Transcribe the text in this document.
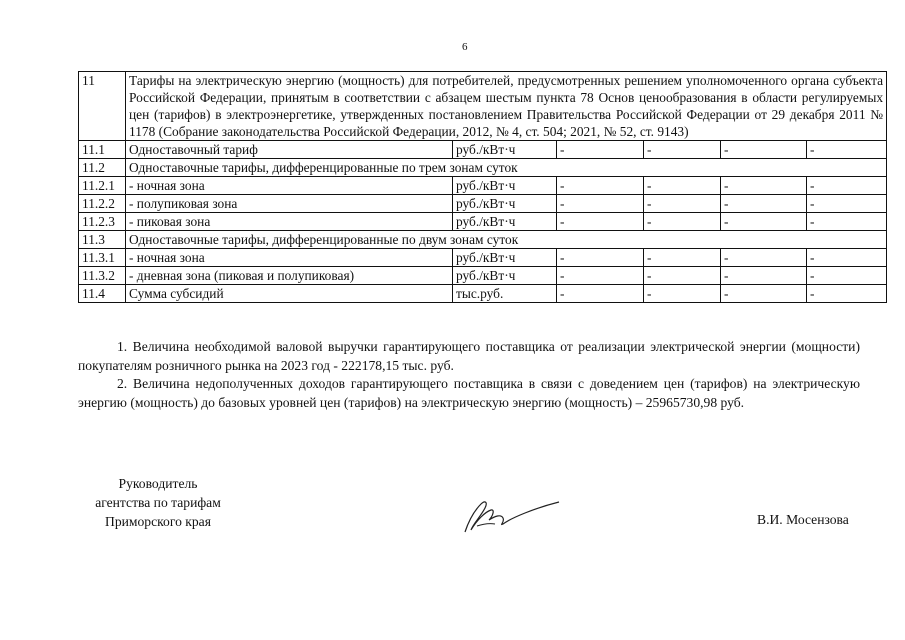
6
11	Тарифы на электрическую энергию (мощность) для потребителей, предусмотренных решением уполномоченного органа субъекта Российской Федерации, принятым в соответствии с абзацем шестым пункта 78 Основ ценообразования в области регулируемых цен (тарифов) в электроэнергетике, утвержденных постановлением Правительства Российской Федерации от 29 декабря 2011 № 1178 (Собрание законодательства Российской Федерации, 2012, № 4, ст. 504; 2021, № 52, ст. 9143)					
11.1	Одноставочный тариф	руб./кВт·ч	-	-	-	-
11.2	Одноставочные тарифы, дифференцированные по трем зонам суток					
11.2.1	- ночная зона	руб./кВт·ч	-	-	-	-
11.2.2	- полупиковая зона	руб./кВт·ч	-	-	-	-
11.2.3	- пиковая зона	руб./кВт·ч	-	-	-	-
11.3	Одноставочные тарифы, дифференцированные по двум зонам суток					
11.3.1	- ночная зона	руб./кВт·ч	-	-	-	-
11.3.2	- дневная зона (пиковая и полупиковая)	руб./кВт·ч	-	-	-	-
11.4	Сумма субсидий	тыс.руб.	-	-	-	-
1. Величина необходимой валовой выручки гарантирующего поставщика от реализации электрической энергии (мощности) покупателям розничного рынка на 2023 год - 222178,15 тыс. руб.
2. Величина недополученных доходов гарантирующего поставщика в связи с доведением цен (тарифов) на электрическую энергию (мощность) до базовых уровней цен (тарифов) на электрическую энергию (мощность) – 25965730,98 руб.
Руководитель
агентства по тарифам
Приморского края	В.И. Мосензова
